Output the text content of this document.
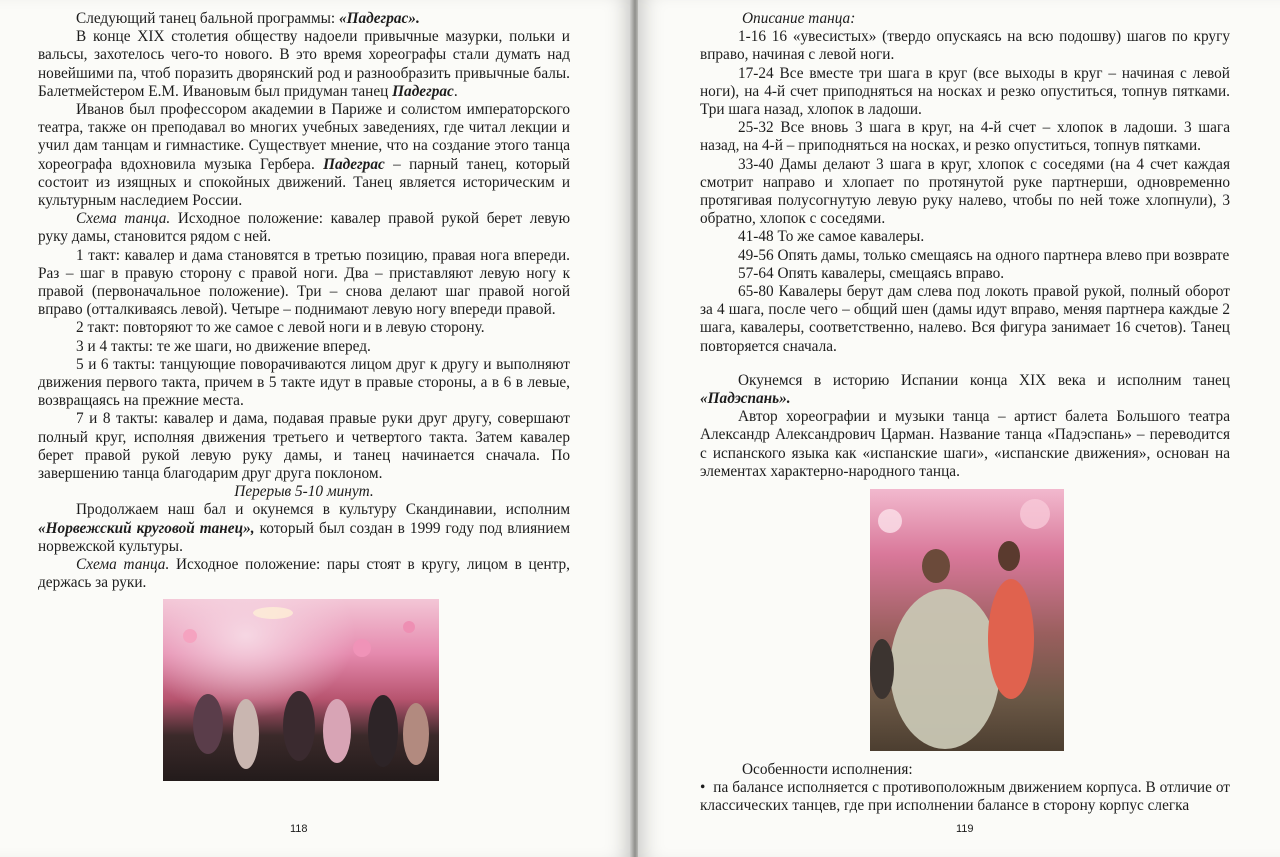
Следующий танец бальной программы: «Падеграс».

В конце XIX столетия обществу надоели привычные мазурки, польки и вальсы, захотелось чего-то нового. В это время хореографы стали думать над новейшими па, чтоб поразить дворянский род и разнообразить привычные балы. Балетмейстером Е.М. Ивановым был придуман танец Падеграс.

Иванов был профессором академии в Париже и солистом императорского театра, также он преподавал во многих учебных заведениях, где читал лекции и учил дам танцам и гимнастике. Существует мнение, что на создание этого танца хореографа вдохновила музыка Гербера. Падеграс – парный танец, который состоит из изящных и спокойных движений. Танец является историческим и культурным наследием России.

Схема танца. Исходное положение: кавалер правой рукой берет левую руку дамы, становится рядом с ней.

1 такт: кавалер и дама становятся в третью позицию, правая нога впереди. Раз – шаг в правую сторону с правой ноги. Два – приставляют левую ногу к правой (первоначальное положение). Три – снова делают шаг правой ногой вправо (отталкиваясь левой). Четыре – поднимают левую ногу впереди правой.

2 такт: повторяют то же самое с левой ноги и в левую сторону.

3 и 4 такты: те же шаги, но движение вперед.

5 и 6 такты: танцующие поворачиваются лицом друг к другу и выполняют движения первого такта, причем в 5 такте идут в правые стороны, а в 6 в левые, возвращаясь на прежние места.

7 и 8 такты: кавалер и дама, подавая правые руки друг другу, совершают полный круг, исполняя движения третьего и четвертого такта. Затем кавалер берет правой рукой левую руку дамы, и танец начинается сначала. По завершению танца благодарим друг друга поклоном.

Перерыв 5-10 минут.

Продолжаем наш бал и окунемся в культуру Скандинавии, исполним «Норвежский круговой танец», который был создан в 1999 году под влиянием норвежской культуры.

Схема танца. Исходное положение: пары стоят в кругу, лицом в центр, держась за руки.

118

Описание танца:

1-16 16 «увесистых» (твердо опускаясь на всю подошву) шагов по кругу вправо, начиная с левой ноги.

17-24 Все вместе три шага в круг (все выходы в круг – начиная с левой ноги), на 4-й счет приподняться на носках и резко опуститься, топнув пятками. Три шага назад, хлопок в ладоши.

25-32 Все вновь 3 шага в круг, на 4-й счет – хлопок в ладоши. 3 шага назад, на 4-й – приподняться на носках, и резко опуститься, топнув пятками.

33-40 Дамы делают 3 шага в круг, хлопок с соседями (на 4 счет каждая смотрит направо и хлопает по протянутой руке партнерши, одновременно протягивая полусогнутую левую руку налево, чтобы по ней тоже хлопнули), 3 обратно, хлопок с соседями.

41-48 То же самое кавалеры.

49-56 Опять дамы, только смещаясь на одного партнера влево при возврате

57-64 Опять кавалеры, смещаясь вправо.

65-80 Кавалеры берут дам слева под локоть правой рукой, полный оборот за 4 шага, после чего – общий шен (дамы идут вправо, меняя партнера каждые 2 шага, кавалеры, соответственно, налево. Вся фигура занимает 16 счетов). Танец повторяется сначала.

Окунемся в историю Испании конца XIX века и исполним танец «Падэспань».

Автор хореографии и музыки танца – артист балета Большого театра Александр Александрович Царман. Название танца «Падэспань» – переводится с испанского языка как «испанские шаги», «испанские движения», основан на элементах характерно-народного танца.

Особенности исполнения:

•  па балансе исполняется с противоположным движением корпуса. В отличие от классических танцев, где при исполнении балансе в сторону корпус слегка

119
